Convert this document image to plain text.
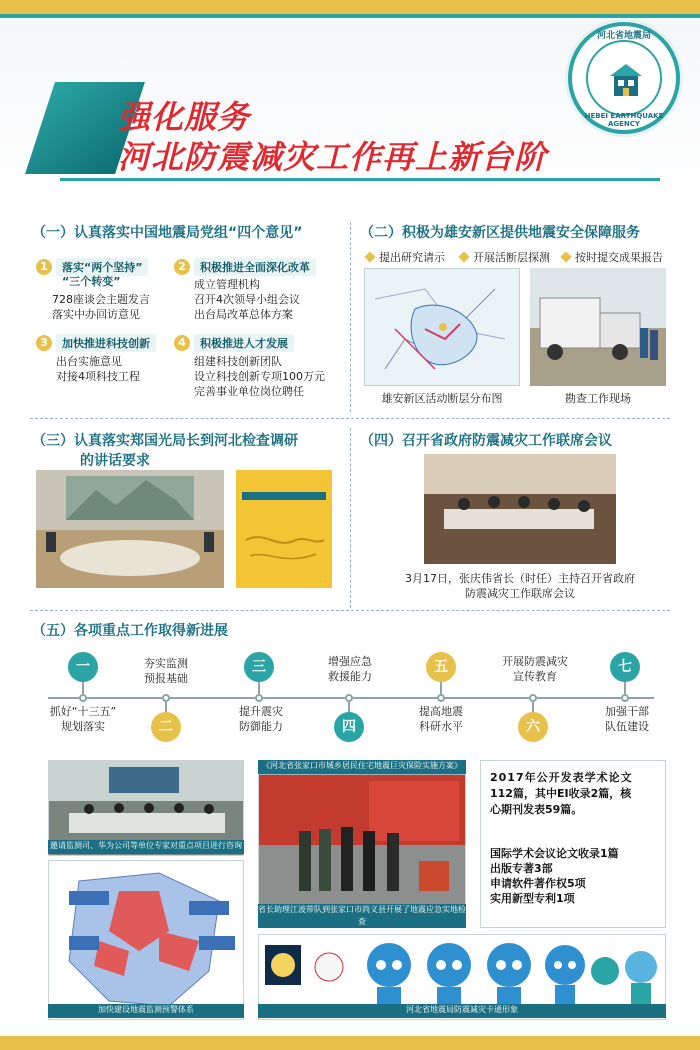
强化服务
河北防震减灾工作再上新台阶
河北省地震局
HEBEI EARTHQUAKE AGENCY
（一）认真落实中国地震局党组“四个意见”
1	落实“两个坚持”
“三个转变”
728座谈会主题发言
落实中办回访意见
2	积极推进全面深化改革
成立管理机构
召开4次领导小组会议
出台局改革总体方案
3	加快推进科技创新
出台实施意见
对接4项科技工程
4	积极推进人才发展
组建科技创新团队
设立科技创新专项100万元
完善事业单位岗位聘任
（二）积极为雄安新区提供地震安全保障服务
提出研究请示	开展活断层探测 按时提交成果报告
雄安新区活动断层分布图	勘查工作现场
（三）认真落实郑国光局长到河北检查调研
的讲话要求
（四）召开省政府防震减灾工作联席会议
3月17日，张庆伟省长（时任）主持召开省政府
防震减灾工作联席会议
（五）各项重点工作取得新进展
一
抓好“十三五”
规划落实
夯实监测
预报基础
二
三
提升震灾
防御能力
增强应急
救援能力
四
五
提高地震
科研水平
开展防震减灾
宣传教育
六
七
加强干部
队伍建设
邀请监测司、华为公司等单位专家对重点项目进行咨询
加快建设地震监测预警体系
《河北省张家口市城乡居民住宅地震巨灾保险实施方案》
省长助理江波带队到张家口市尚义县开展了地震应急实地检查
2017年公开发表学术论文
112篇，其中EI收录2篇，核
心期刊发表59篇。
国际学术会议论文收录1篇
出版专著3部
申请软件著作权5项
实用新型专利1项
河北省地震局防震减灾卡通形象
